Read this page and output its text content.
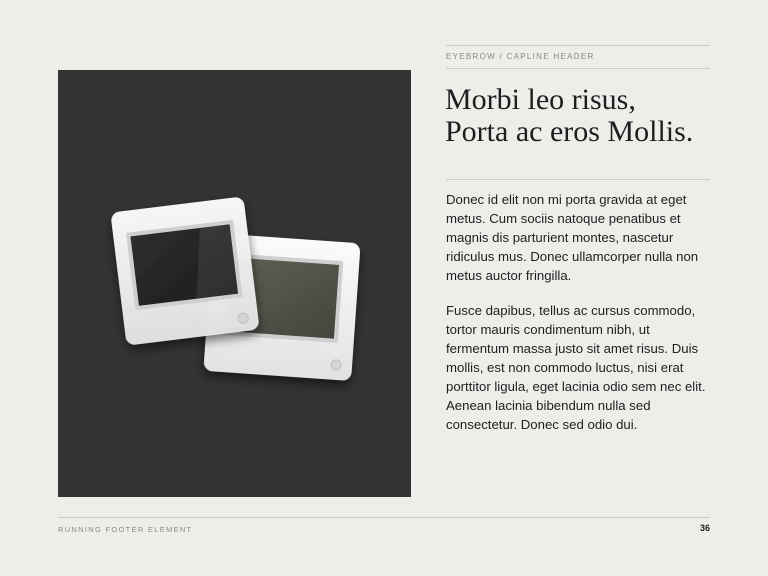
EYEBROW / CAPLINE HEADER
Morbi leo risus,
Porta ac eros Mollis.

Donec id elit non mi porta gravida at eget metus. Cum sociis natoque penatibus et magnis dis parturient montes, nascetur ridiculus mus. Donec ullamcorper nulla non metus auctor fringilla.

Fusce dapibus, tellus ac cursus commodo, tortor mauris condimentum nibh, ut fermentum massa justo sit amet risus. Duis mollis, est non commodo luctus, nisi erat porttitor ligula, eget lacinia odio sem nec elit. Aenean lacinia bibendum nulla sed consectetur. Donec sed odio dui.

RUNNING FOOTER ELEMENT	36
